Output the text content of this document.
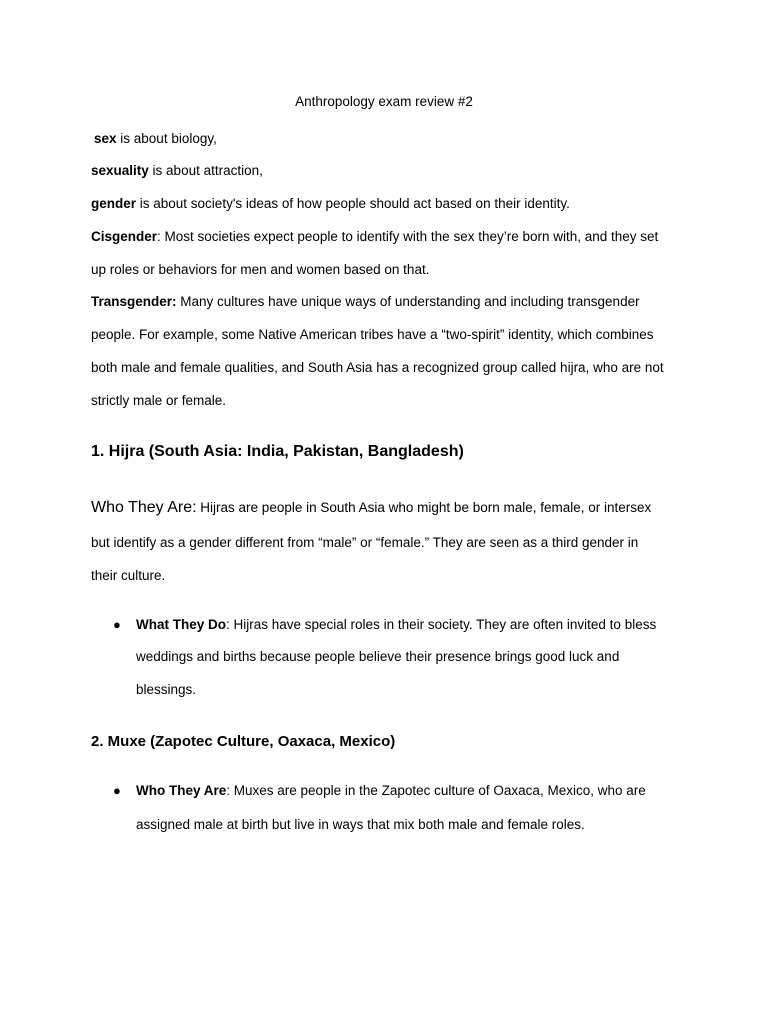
Anthropology exam review #2
sex is about biology,
sexuality is about attraction,
gender is about society's ideas of how people should act based on their identity.
Cisgender: Most societies expect people to identify with the sex they’re born with, and they set
up roles or behaviors for men and women based on that.
Transgender: Many cultures have unique ways of understanding and including transgender
people. For example, some Native American tribes have a “two-spirit” identity, which combines
both male and female qualities, and South Asia has a recognized group called hijra, who are not
strictly male or female.
1. Hijra (South Asia: India, Pakistan, Bangladesh)
Who They Are: Hijras are people in South Asia who might be born male, female, or intersex
but identify as a gender different from “male” or “female.” They are seen as a third gender in
their culture.
● What They Do: Hijras have special roles in their society. They are often invited to bless
weddings and births because people believe their presence brings good luck and
blessings.
2. Muxe (Zapotec Culture, Oaxaca, Mexico)
● Who They Are: Muxes are people in the Zapotec culture of Oaxaca, Mexico, who are
assigned male at birth but live in ways that mix both male and female roles.
